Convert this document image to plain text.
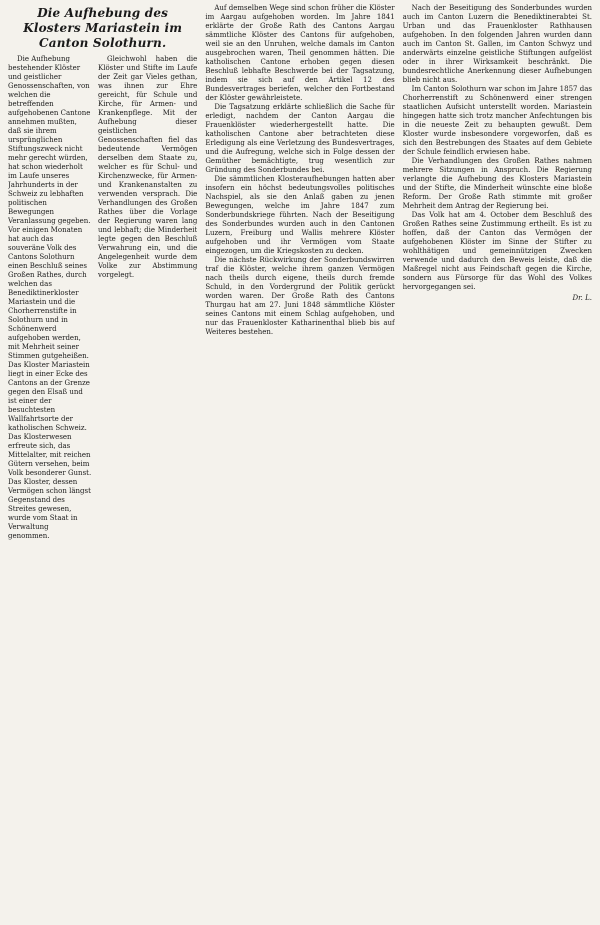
Die Aufhebung des Klosters Mariastein im Canton Solothurn.

Die Aufhebung bestehender Klöster und geistlicher Genossenschaften, von welchen die betreffenden aufgehobenen Cantone annehmen mußten, daß sie ihrem ursprünglichen Stiftungszweck nicht mehr gerecht würden, hat schon wiederholt im Laufe unseres Jahrhunderts in der Schweiz zu lebhaften politischen Bewegungen Veranlassung gegeben. Vor einigen Monaten hat auch das souveräne Volk des Cantons Solothurn einen Beschluß seines Großen Rathes, durch welchen das Benediktinerkloster Mariastein und die Chorherrenstifte in Solothurn und in Schönenwerd aufgehoben werden, mit Mehrheit seiner Stimmen gutgeheißen. Das Kloster Mariastein liegt in einer Ecke des Cantons an der Grenze gegen den Elsaß und ist einer der besuchtesten Wallfahrtsorte der katholischen Schweiz. Das Klosterwesen erfreute sich, das Mittelalter, mit reichen Gütern versehen, beim Volk besonderer Gunst. Das Kloster, dessen Vermögen schon längst Gegenstand des Streites gewesen, wurde vom Staat in Verwaltung genommen.

Gleichwohl haben die Klöster und Stifte im Laufe der Zeit gar Vieles gethan, was ihnen zur Ehre gereicht, für Schule und Kirche, für Armen- und Krankenpflege. Mit der Aufhebung dieser geistlichen Genossenschaften fiel das bedeutende Vermögen derselben dem Staate zu, welcher es für Schul- und Kirchenzwecke, für Armen- und Krankenanstalten zu verwenden versprach. Die Verhandlungen des Großen Rathes über die Vorlage der Regierung waren lang und lebhaft; die Minderheit legte gegen den Beschluß Verwahrung ein, und die Angelegenheit wurde dem Volke zur Abstimmung vorgelegt.

Auf demselben Wege sind schon früher die Klöster im Aargau aufgehoben worden. Im Jahre 1841 erklärte der Große Rath des Cantons Aargau sämmtliche Klöster des Cantons für aufgehoben, weil sie an den Unruhen, welche damals im Canton ausgebrochen waren, Theil genommen hätten. Die katholischen Cantone erhoben gegen diesen Beschluß lebhafte Beschwerde bei der Tagsatzung, indem sie sich auf den Artikel 12 des Bundesvertrages beriefen, welcher den Fortbestand der Klöster gewährleistete.

Die Tagsatzung erklärte schließlich die Sache für erledigt, nachdem der Canton Aargau die Frauenklöster wiederhergestellt hatte. Die katholischen Cantone aber betrachteten diese Erledigung als eine Verletzung des Bundesvertrages, und die Aufregung, welche sich in Folge dessen der Gemüther bemächtigte, trug wesentlich zur Gründung des Sonderbundes bei.

Die sämmtlichen Klosteraufhebungen hatten aber insofern ein höchst bedeutungsvolles politisches Nachspiel, als sie den Anlaß gaben zu jenen Bewegungen, welche im Jahre 1847 zum Sonderbundskriege führten. Nach der Beseitigung des Sonderbundes wurden auch in den Cantonen Luzern, Freiburg und Wallis mehrere Klöster aufgehoben und ihr Vermögen vom Staate eingezogen, um die Kriegskosten zu decken.

Die nächste Rückwirkung der Sonderbundswirren traf die Klöster, welche ihrem ganzen Vermögen nach theils durch eigene, theils durch fremde Schuld, in den Vordergrund der Politik gerückt worden waren. Der Große Rath des Cantons Thurgau hat am 27. Juni 1848 sämmtliche Klöster seines Cantons mit einem Schlag aufgehoben, und nur das Frauenkloster Katharinenthal blieb bis auf Weiteres bestehen.

Nach der Beseitigung des Sonderbundes wurden auch im Canton Luzern die Benediktinerabtei St. Urban und das Frauenkloster Rathhausen aufgehoben. In den folgenden Jahren wurden dann auch im Canton St. Gallen, im Canton Schwyz und anderwärts einzelne geistliche Stiftungen aufgelöst oder in ihrer Wirksamkeit beschränkt. Die bundesrechtliche Anerkennung dieser Aufhebungen blieb nicht aus.

Im Canton Solothurn war schon im Jahre 1857 das Chorherrenstift zu Schönenwerd einer strengen staatlichen Aufsicht unterstellt worden. Mariastein hingegen hatte sich trotz mancher Anfechtungen bis in die neueste Zeit zu behaupten gewußt. Dem Kloster wurde insbesondere vorgeworfen, daß es sich den Bestrebungen des Staates auf dem Gebiete der Schule feindlich erwiesen habe.

Die Verhandlungen des Großen Rathes nahmen mehrere Sitzungen in Anspruch. Die Regierung verlangte die Aufhebung des Klosters Mariastein und der Stifte, die Minderheit wünschte eine bloße Reform. Der Große Rath stimmte mit großer Mehrheit dem Antrag der Regierung bei.

Das Volk hat am 4. October dem Beschluß des Großen Rathes seine Zustimmung ertheilt. Es ist zu hoffen, daß der Canton das Vermögen der aufgehobenen Klöster im Sinne der Stifter zu wohlthätigen und gemeinnützigen Zwecken verwende und dadurch den Beweis leiste, daß die Maßregel nicht aus Feindschaft gegen die Kirche, sondern aus Fürsorge für das Wohl des Volkes hervorgegangen sei.

Dr. L.
